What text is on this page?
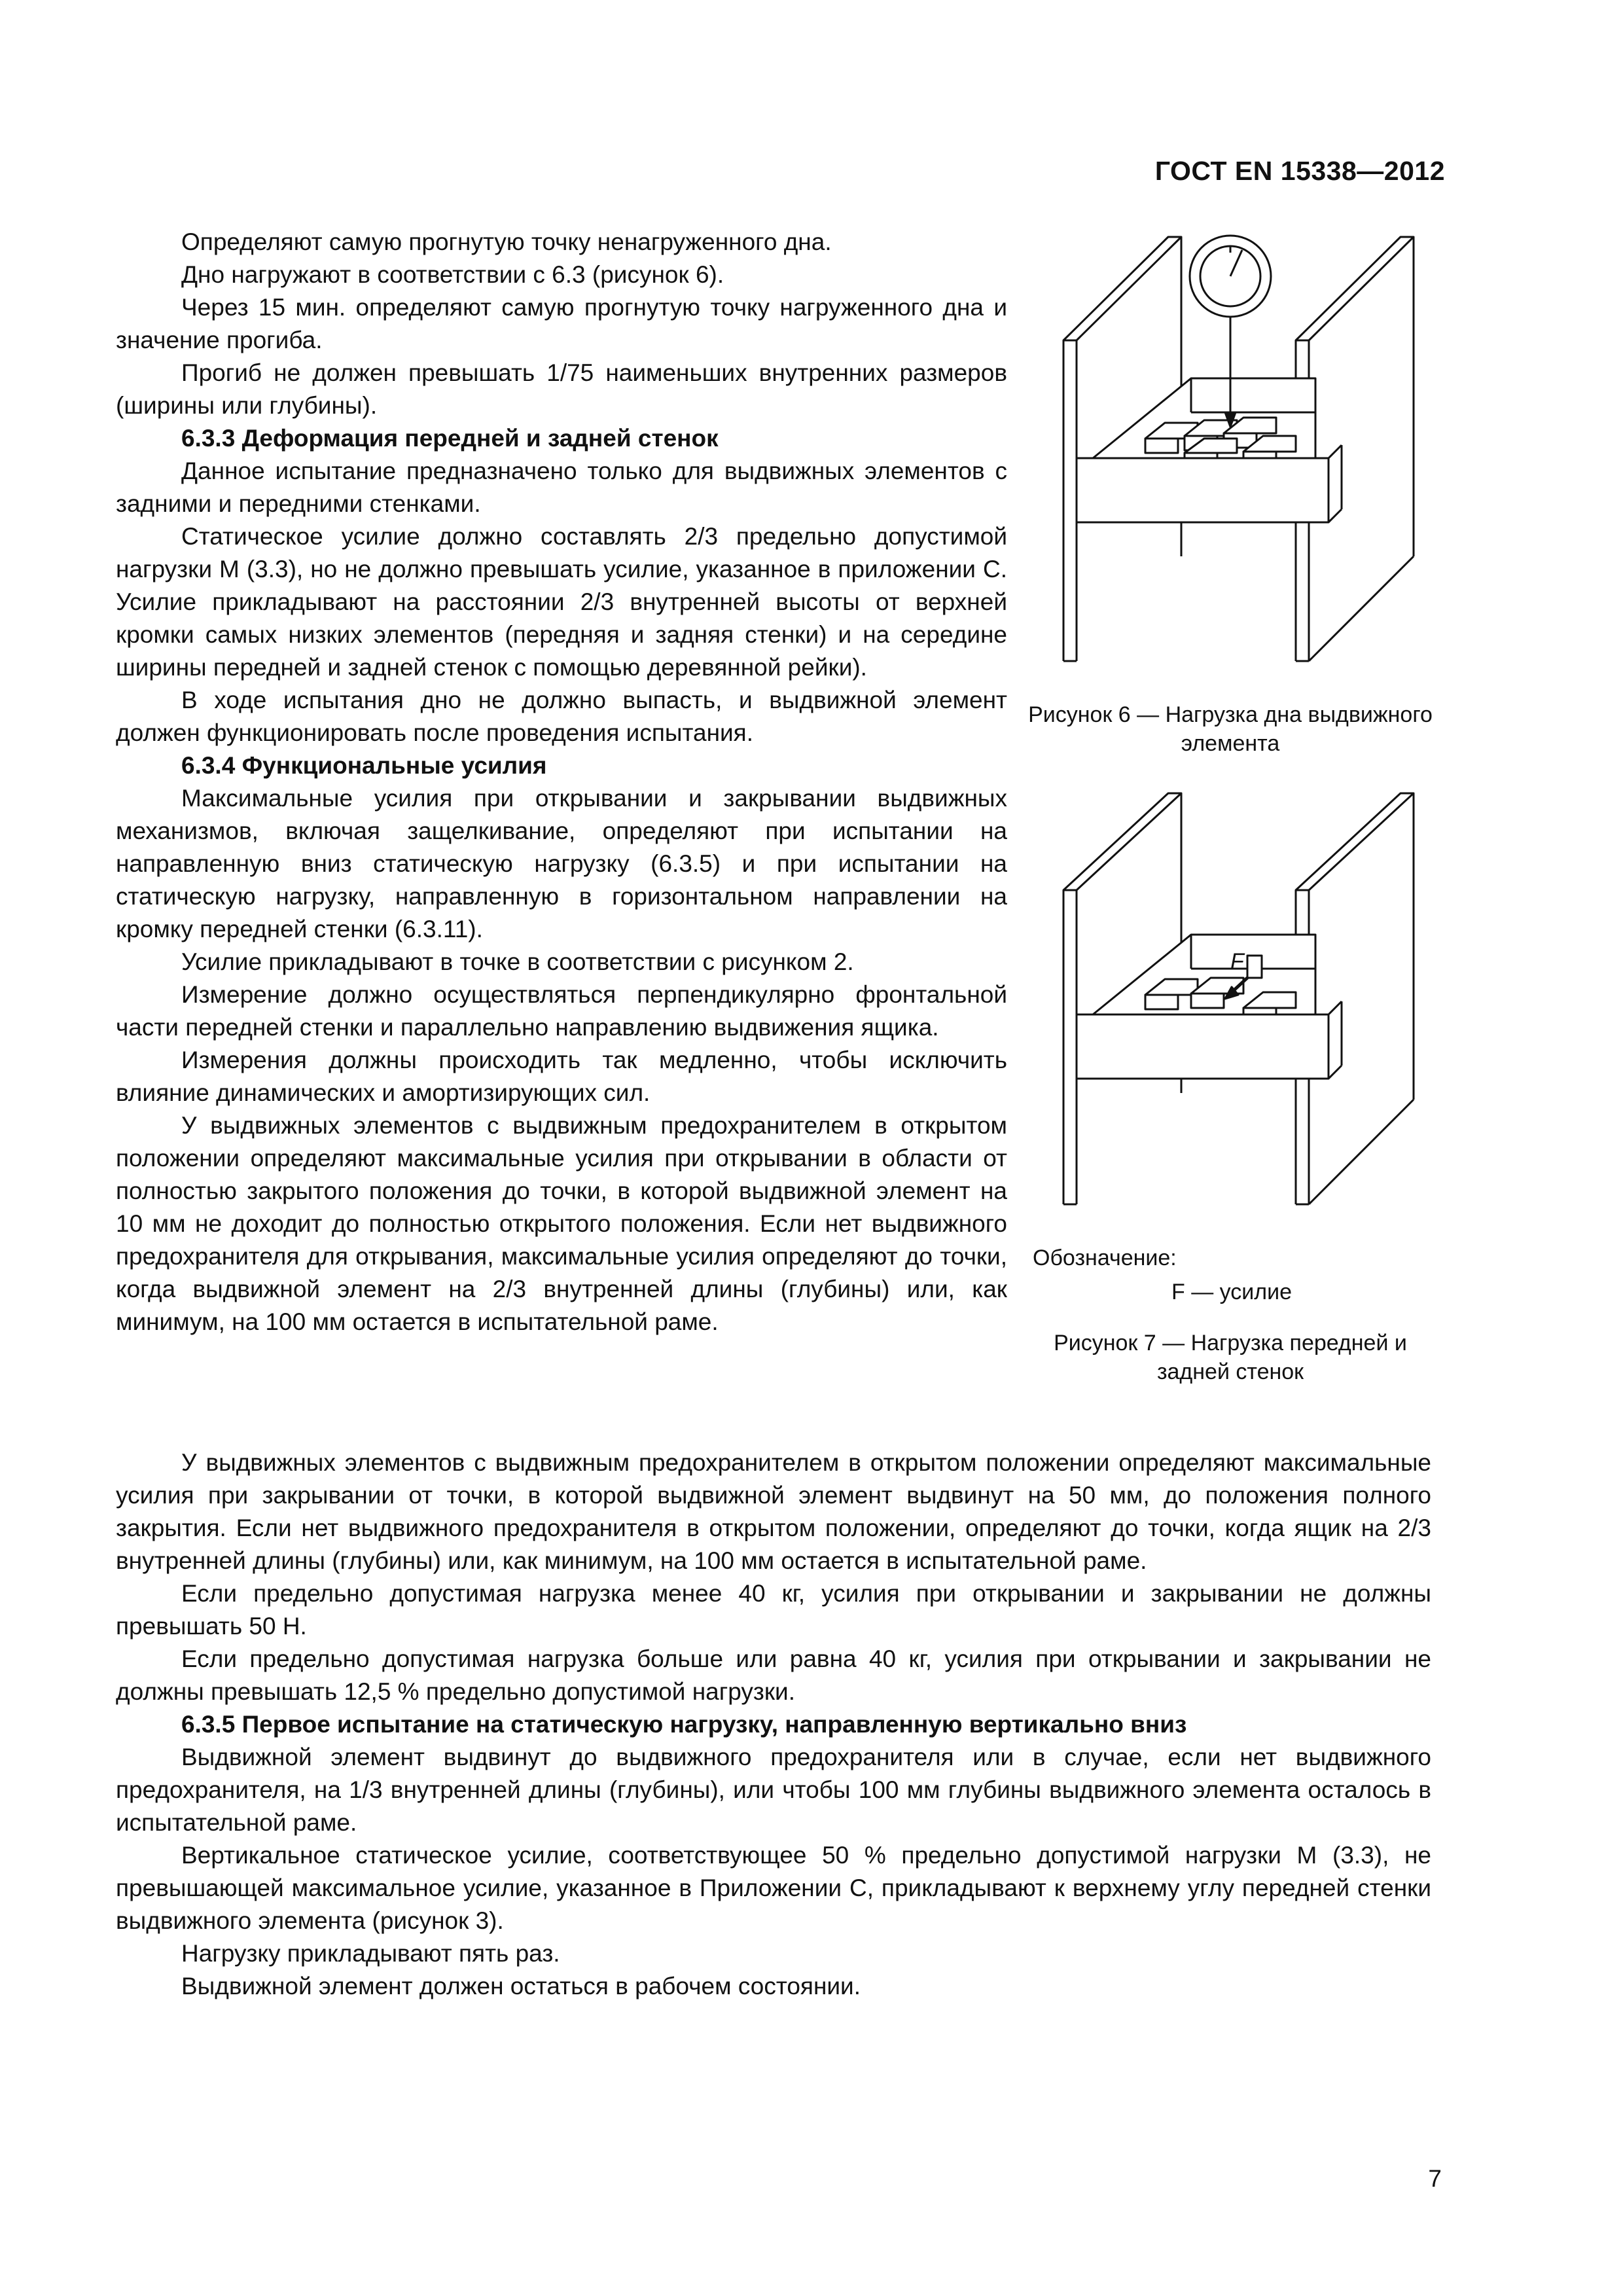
ГОСТ EN 15338—2012

Определяют самую прогнутую точку ненагруженного дна.

Дно нагружают в соответствии с 6.3 (рисунок 6).

Через 15 мин. определяют самую прогнутую точку нагруженного дна и значение прогиба.

Прогиб не должен превышать 1/75 наименьших внутренних размеров (ширины или глубины).

6.3.3 Деформация передней и задней стенок

Данное испытание предназначено только для выдвижных элементов с задними и передними стенками.

Статическое усилие должно составлять 2/3 предельно допустимой нагрузки M (3.3), но не должно превышать усилие, указанное в приложении С. Усилие прикладывают на расстоянии 2/3 внутренней высоты от верхней кромки самых низких элементов (передняя и задняя стенки) и на середине ширины передней и задней стенок с помощью деревянной рейки).

В ходе испытания дно не должно выпасть, и выдвижной элемент должен функционировать после проведения испытания.

6.3.4 Функциональные усилия

Максимальные усилия при открывании и закрывании выдвижных механизмов, включая защелкивание, определяют при испытании на направленную вниз статическую нагрузку (6.3.5) и при испытании на статическую нагрузку, направленную в горизонтальном направлении на кромку передней стенки (6.3.11).

Усилие прикладывают в точке в соответствии с рисунком 2.

Измерение должно осуществляться перпендикулярно фронтальной части передней стенки и параллельно направлению выдвижения ящика.

Измерения должны происходить так медленно, чтобы исключить влияние динамических и амортизирующих сил.

У выдвижных элементов с выдвижным предохранителем в открытом положении определяют максимальные усилия при открывании в области от полностью закрытого положения до точки, в которой выдвижной элемент на 10 мм не доходит до полностью открытого положения. Если нет выдвижного предохранителя для открывания, максимальные усилия определяют до точки, когда выдвижной элемент на 2/3 внутренней длины (глубины) или, как минимум, на 100 мм остается в испытательной раме.

Рисунок 6 — Нагрузка дна выдвижного элемента
F
Обозначение:
F — усилие
Рисунок 7 — Нагрузка передней и задней стенок

У выдвижных элементов с выдвижным предохранителем в открытом положении определяют максимальные усилия при закрывании от точки, в которой выдвижной элемент выдвинут на 50 мм, до положения полного закрытия. Если нет выдвижного предохранителя в открытом положении, определяют до точки, когда ящик на 2/3 внутренней длины (глубины) или, как минимум, на 100 мм остается в испытательной раме.

Если предельно допустимая нагрузка менее 40 кг, усилия при открывании и закрывании не должны превышать 50 Н.

Если предельно допустимая нагрузка больше или равна 40 кг, усилия при открывании и закрывании не должны превышать 12,5 % предельно допустимой нагрузки.

6.3.5 Первое испытание на статическую нагрузку, направленную вертикально вниз

Выдвижной элемент выдвинут до выдвижного предохранителя или в случае, если нет выдвижного предохранителя, на 1/3 внутренней длины (глубины), или чтобы 100 мм глубины выдвижного элемента осталось в испытательной раме.

Вертикальное статическое усилие, соответствующее 50 % предельно допустимой нагрузки M (3.3), не превышающей максимальное усилие, указанное в Приложении С, прикладывают к верхнему углу передней стенки выдвижного элемента (рисунок 3).

Нагрузку прикладывают пять раз.

Выдвижной элемент должен остаться в рабочем состоянии.

7
